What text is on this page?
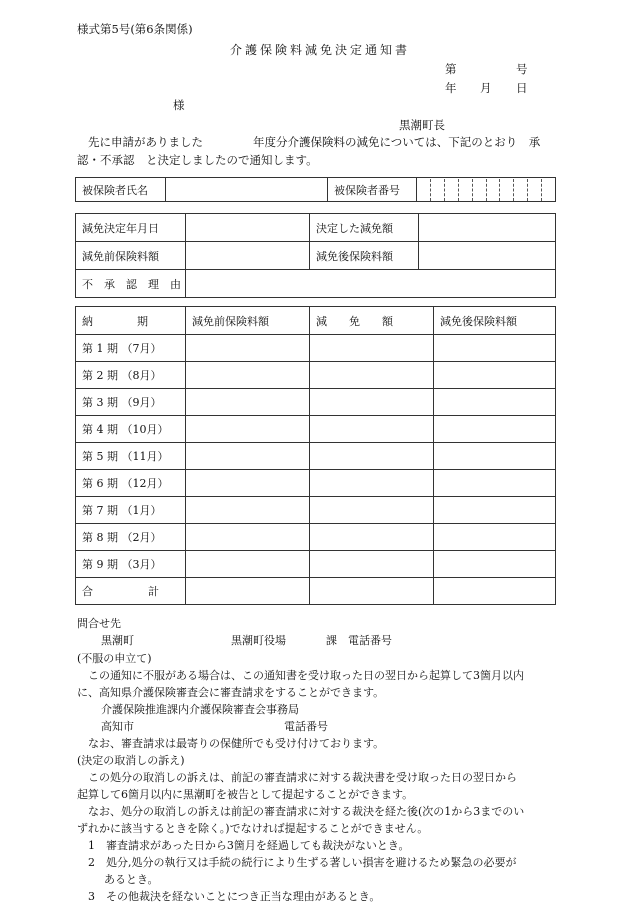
様式第5号(第6条関係)
介護保険料減免決定通知書
第	号
年 月 日
様
黒潮町長
先に申請がありました	年度分介護保険料の減免については、下記のとおり　承
認・不承認　と決定しましたので通知します。
被保険者氏名		被保険者番号	
減免決定年月日		決定した減免額	
減免前保険料額		減免後保険料額	
不　承　認　理　由			
納　　　　期	減免前保険料額	減　　免　　額	減免後保険料額
第 1 期 （7月）			
第 2 期 （8月）			
第 3 期 （9月）			
第 4 期 （10月）			
第 5 期 （11月）			
第 6 期 （12月）			
第 7 期 （1月）			
第 8 期 （2月）			
第 9 期 （3月）			
合　　　　　計			
問合せ先
黒潮町	黒潮町役場	課　電話番号
(不服の申立て)
この通知に不服がある場合は、この通知書を受け取った日の翌日から起算して3箇月以内
に、高知県介護保険審査会に審査請求をすることができます。
介護保険推進課内介護保険審査会事務局
高知市	電話番号
なお、審査請求は最寄りの保健所でも受け付けております。
(決定の取消しの訴え)
この処分の取消しの訴えは、前記の審査請求に対する裁決書を受け取った日の翌日から
起算して6箇月以内に黒潮町を被告として提起することができます。
なお、処分の取消しの訴えは前記の審査請求に対する裁決を経た後(次の1から3までのい
ずれかに該当するときを除く。)でなければ提起することができません。
1　審査請求があった日から3箇月を経過しても裁決がないとき。
2　処分,処分の執行又は手続の続行により生ずる著しい損害を避けるため緊急の必要が
あるとき。
3　その他裁決を経ないことにつき正当な理由があるとき。
